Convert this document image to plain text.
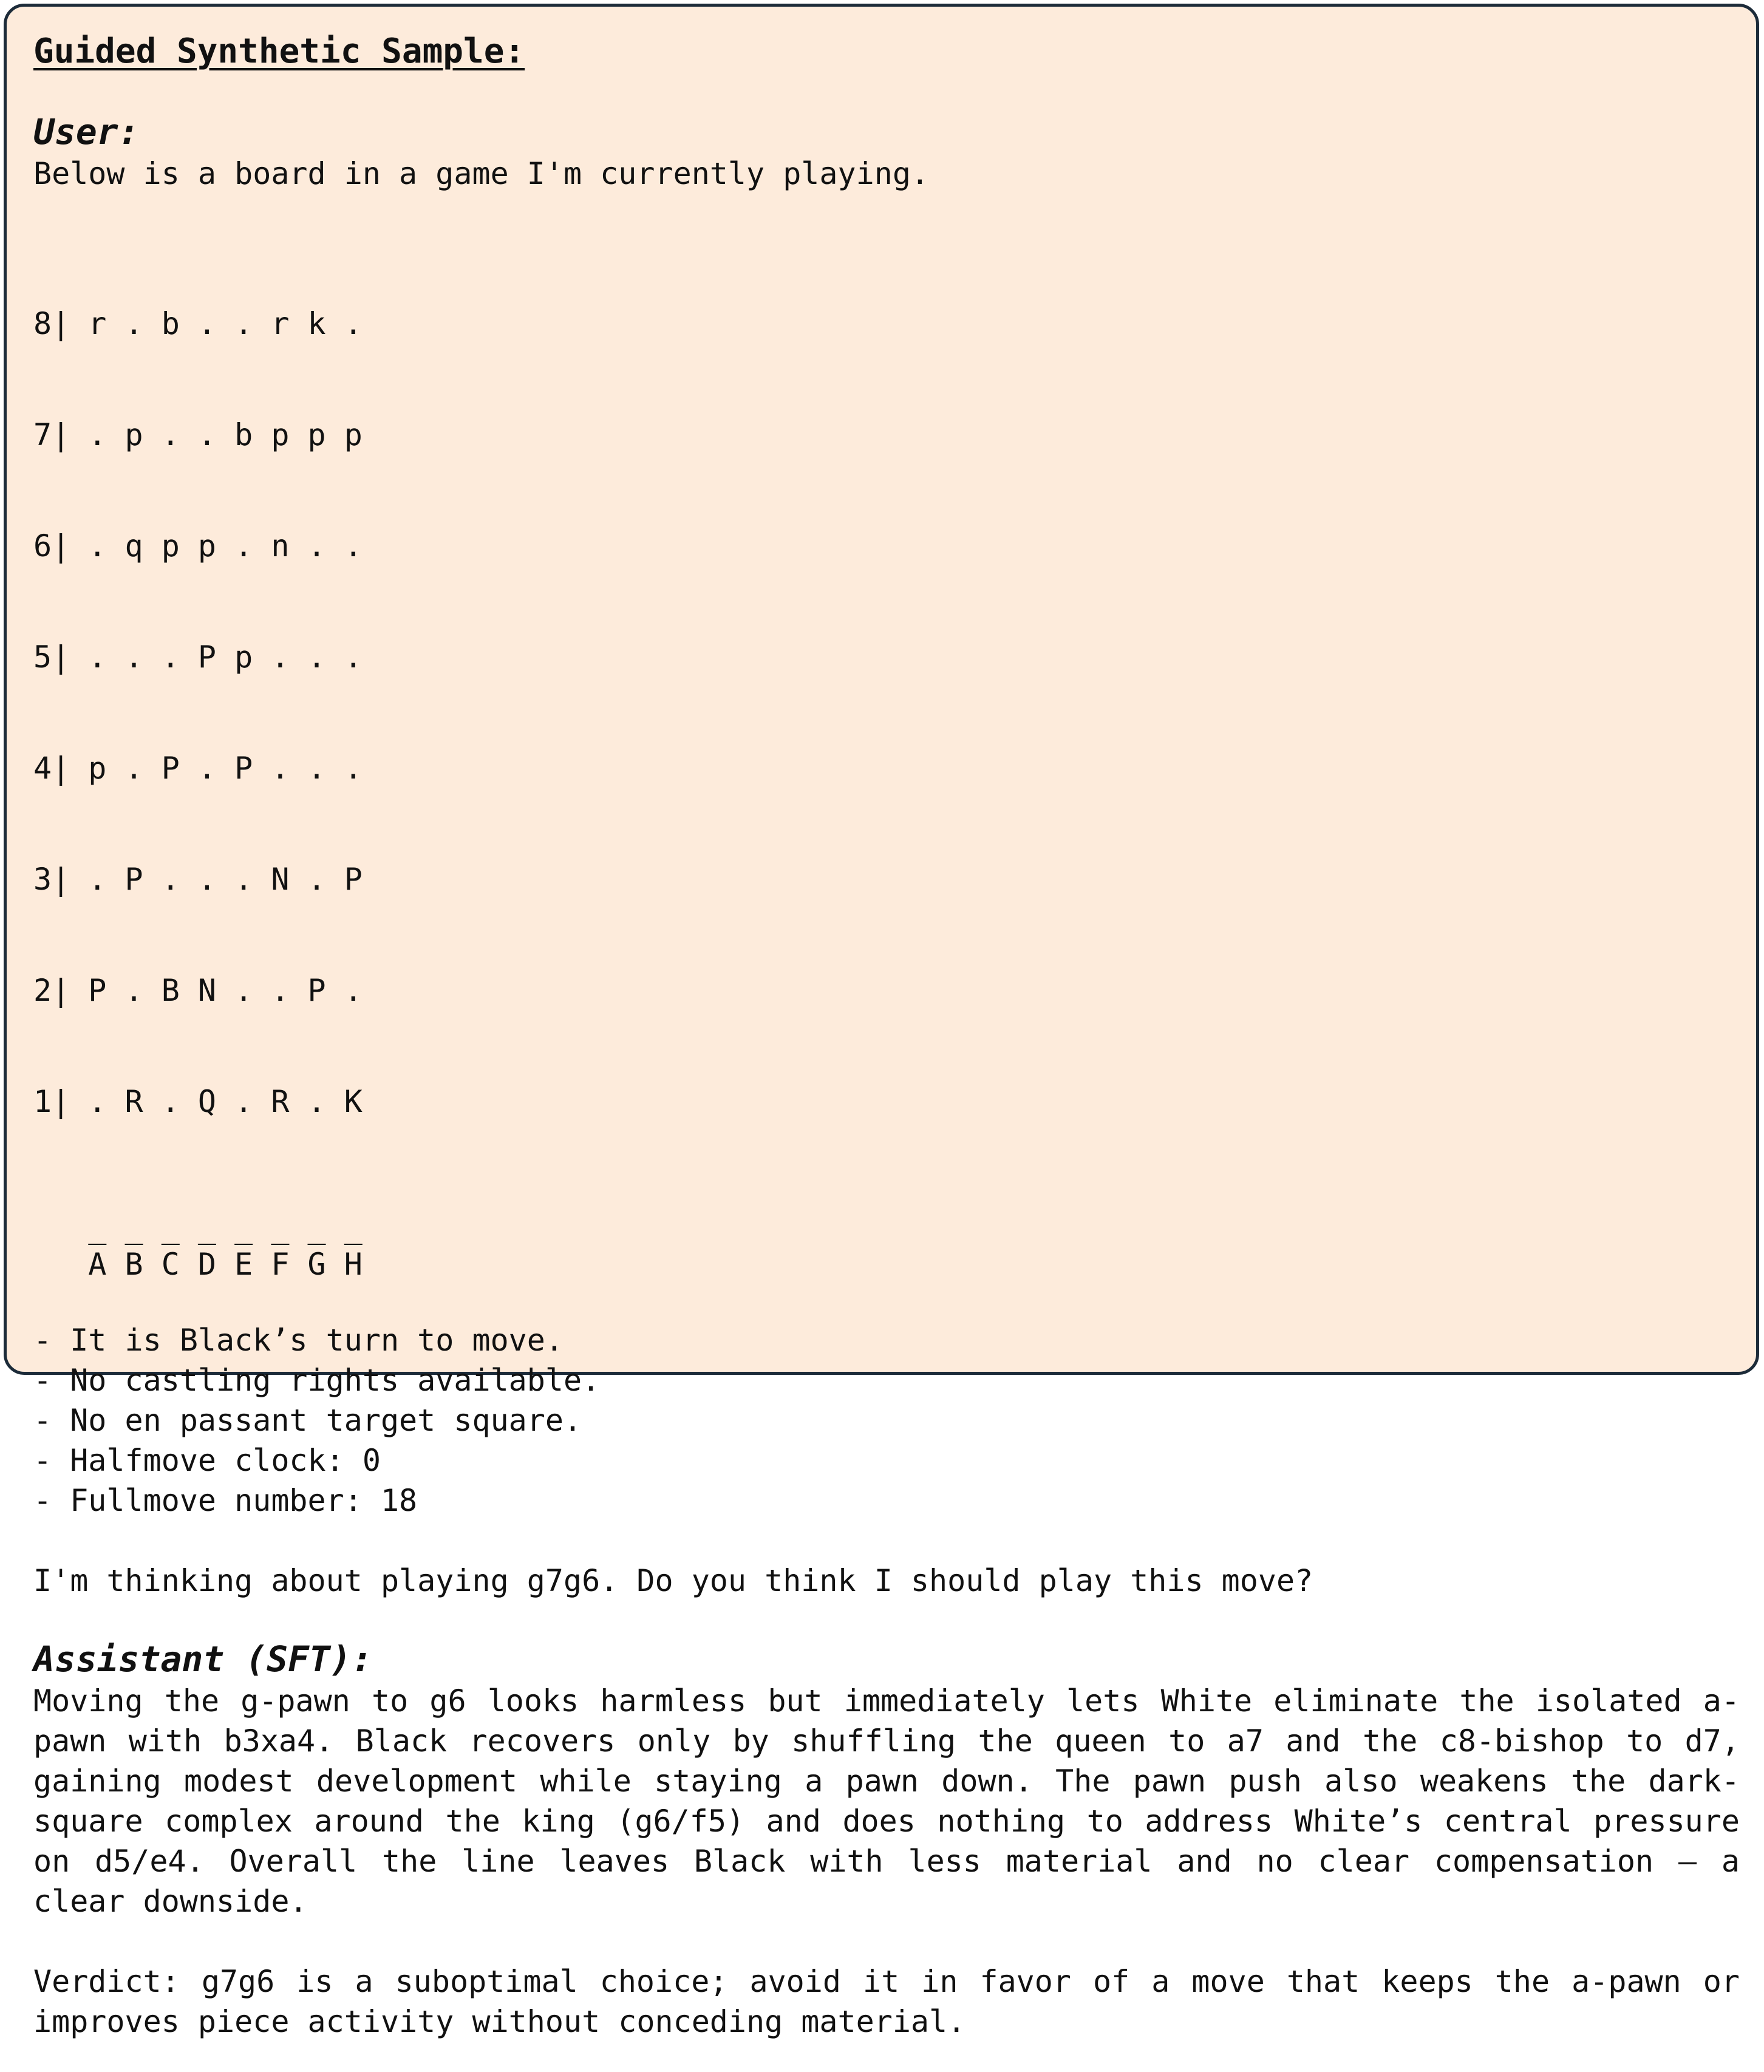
Guided Synthetic Sample:

User:

Below is a board in a game I'm currently playing.

8| r . b . . r k .

7| . p . . b p p p

6| . q p p . n . .

5| . . . P p . . .

4| p . P . P . . .

3| . P . . . N . P

2| P . B N . . P .

1| . R . Q . R . K

_ _ _ _ _ _ _ _
A B C D E F G H
- It is Black’s turn to move.
- No castling rights available.
- No en passant target square.
- Halfmove clock: 0
- Fullmove number: 18
I'm thinking about playing g7g6. Do you think I should play this move?

Assistant (SFT):

Moving the g-pawn to g6 looks harmless but immediately lets White eliminate the isolated a-pawn with b3xa4. Black recovers only by shuffling the queen to a7 and the c8-bishop to d7, gaining modest development while staying a pawn down. The pawn push also weakens the dark-square complex around the king (g6/f5) and does nothing to address White’s central pressure on d5/e4. Overall the line leaves Black with less material and no clear compensation – a clear downside.

Verdict: g7g6 is a suboptimal choice; avoid it in favor of a move that keeps the a-pawn or improves piece activity without conceding material.
